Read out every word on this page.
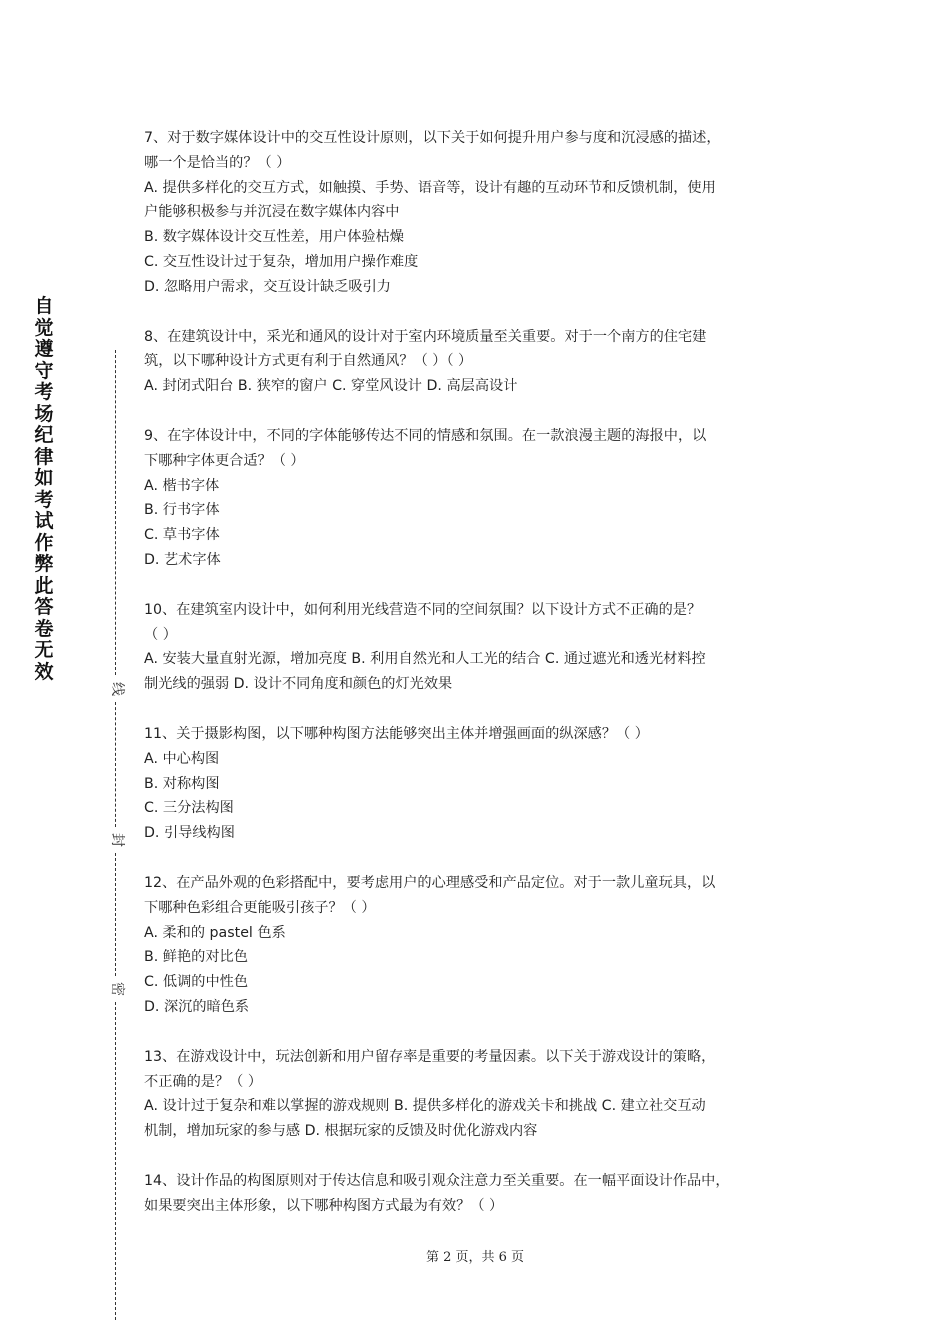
自
觉
遵
守
考
场
纪
律
如
考
试
作
弊
此
答
卷
无
效
线
封
密

7、对于数字媒体设计中的交互性设计原则，以下关于如何提升用户参与度和沉浸感的描述，

哪一个是恰当的？（ ）

A. 提供多样化的交互方式，如触摸、手势、语音等，设计有趣的互动环节和反馈机制，使用

户能够积极参与并沉浸在数字媒体内容中

B. 数字媒体设计交互性差，用户体验枯燥

C. 交互性设计过于复杂，增加用户操作难度

D. 忽略用户需求，交互设计缺乏吸引力

8、在建筑设计中，采光和通风的设计对于室内环境质量至关重要。对于一个南方的住宅建

筑，以下哪种设计方式更有利于自然通风？（ ）（ ）

A. 封闭式阳台 B. 狭窄的窗户 C. 穿堂风设计 D. 高层高设计

9、在字体设计中，不同的字体能够传达不同的情感和氛围。在一款浪漫主题的海报中，以

下哪种字体更合适？（ ）

A. 楷书字体

B. 行书字体

C. 草书字体

D. 艺术字体

10、在建筑室内设计中，如何利用光线营造不同的空间氛围？以下设计方式不正确的是？

（ ）

A. 安装大量直射光源，增加亮度 B. 利用自然光和人工光的结合 C. 通过遮光和透光材料控

制光线的强弱 D. 设计不同角度和颜色的灯光效果

11、关于摄影构图，以下哪种构图方法能够突出主体并增强画面的纵深感？（ ）

A. 中心构图

B. 对称构图

C. 三分法构图

D. 引导线构图

12、在产品外观的色彩搭配中，要考虑用户的心理感受和产品定位。对于一款儿童玩具，以

下哪种色彩组合更能吸引孩子？（ ）

A. 柔和的 pastel 色系

B. 鲜艳的对比色

C. 低调的中性色

D. 深沉的暗色系

13、在游戏设计中，玩法创新和用户留存率是重要的考量因素。以下关于游戏设计的策略，

不正确的是？（ ）

A. 设计过于复杂和难以掌握的游戏规则 B. 提供多样化的游戏关卡和挑战 C. 建立社交互动

机制，增加玩家的参与感 D. 根据玩家的反馈及时优化游戏内容

14、设计作品的构图原则对于传达信息和吸引观众注意力至关重要。在一幅平面设计作品中，

如果要突出主体形象，以下哪种构图方式最为有效？（ ）

第 2 页，共 6 页
